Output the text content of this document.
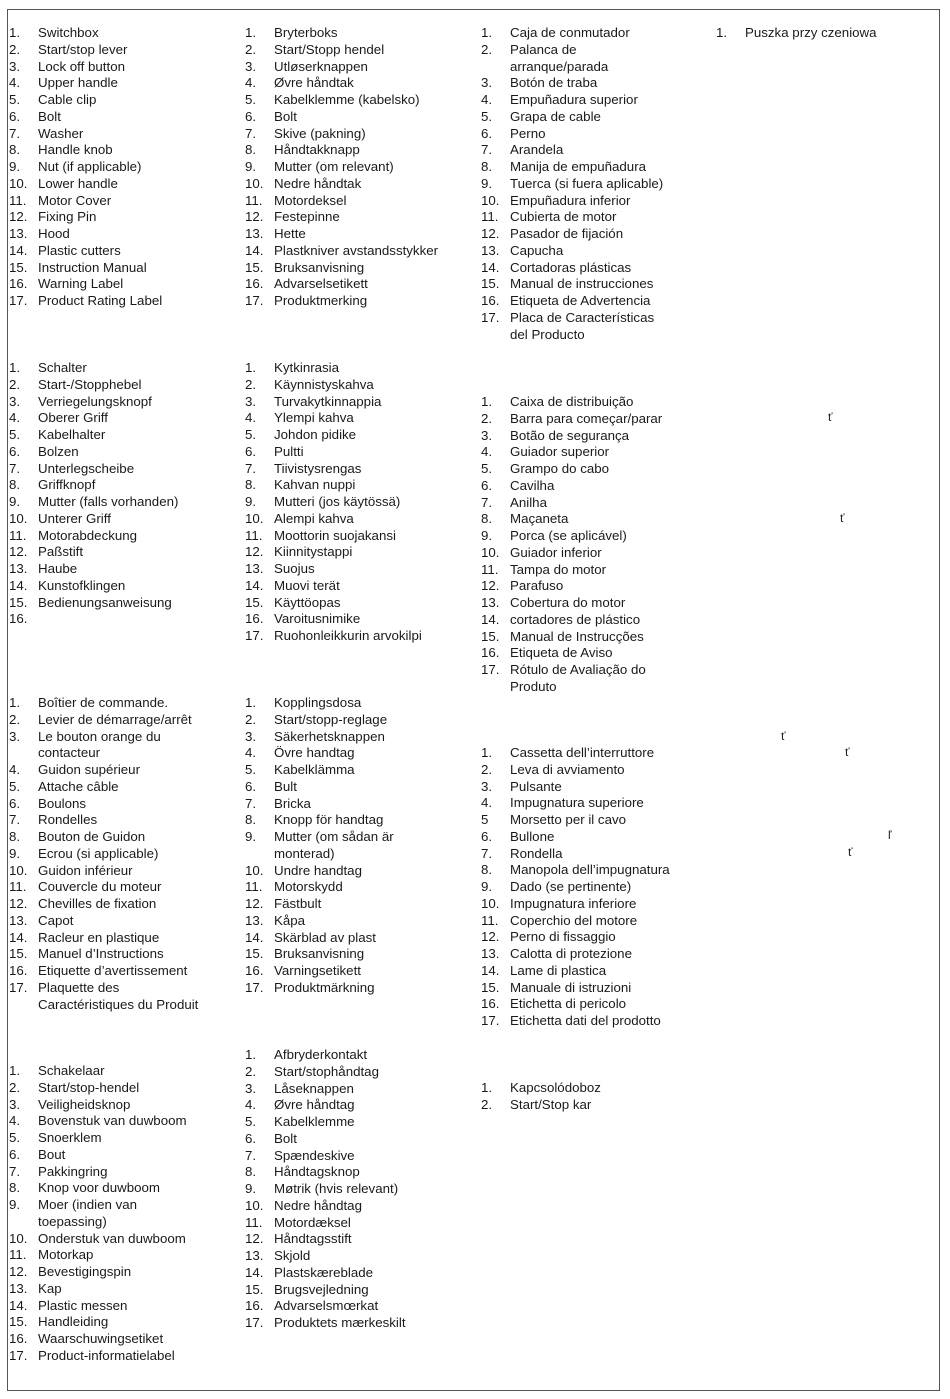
1. Switchbox
2. Start/stop lever
3. Lock off button
4. Upper handle
5. Cable clip
6. Bolt
7. Washer
8. Handle knob
9. Nut (if applicable)
10. Lower handle
11. Motor Cover
12. Fixing Pin
13. Hood
14. Plastic cutters
15. Instruction Manual
16. Warning Label
17. Product Rating Label
1. Bryterboks
2. Start/Stopp hendel
3. Utløserknappen
4. Øvre håndtak
5. Kabelklemme (kabelsko)
6. Bolt
7. Skive (pakning)
8. Håndtakknapp
9. Mutter (om relevant)
10. Nedre håndtak
11. Motordeksel
12. Festepinne
13. Hette
14. Plastkniver avstandsstykker
15. Bruksanvisning
16. Advarselsetikett
17. Produktmerking
1. Caja de conmutador
2. Palanca de
arranque/parada
3. Botón de traba
4. Empuñadura superior
5. Grapa de cable
6. Perno
7. Arandela
8. Manija de empuñadura
9. Tuerca (si fuera aplicable)
10. Empuñadura inferior
11. Cubierta de motor
12. Pasador de fijación
13. Capucha
14. Cortadoras plásticas
15. Manual de instrucciones
16. Etiqueta de Advertencia
17. Placa de Características
del Producto
1. Puszka przy czeniowa
1. Schalter
2. Start-/Stopphebel
3. Verriegelungsknopf
4. Oberer Griff
5. Kabelhalter
6. Bolzen
7. Unterlegscheibe
8. Griffknopf
9. Mutter (falls vorhanden)
10. Unterer Griff
11. Motorabdeckung
12. Paßstift
13. Haube
14. Kunstofklingen
15. Bedienungsanweisung
16.

1. Kytkinrasia
2. Käynnistyskahva
3. Turvakytkinnappia
4. Ylempi kahva
5. Johdon pidike
6. Pultti
7. Tiivistysrengas
8. Kahvan nuppi
9. Mutteri (jos käytössä)
10. Alempi kahva
11. Moottorin suojakansi
12. Kiinnitystappi
13. Suojus
14. Muovi terät
15. Käyttöopas
16. Varoitusnimike
17. Ruohonleikkurin arvokilpi
1. Caixa de distribuição
2. Barra para começar/parar
3. Botão de segurança
4. Guiador superior
5. Grampo do cabo
6. Cavilha
7. Anilha
8. Maçaneta
9. Porca (se aplicável)
10. Guiador inferior
11. Tampa do motor
12. Parafuso
13. Cobertura do motor
14. cortadores de plástico
15. Manual de Instrucções
16. Etiqueta de Aviso
17. Rótulo de Avaliação do
Produto
1. Boîtier de commande.
2. Levier de démarrage/arrêt
3. Le bouton orange du
contacteur
4. Guidon supérieur
5. Attache câble
6. Boulons
7. Rondelles
8. Bouton de Guidon
9. Ecrou (si applicable)
10. Guidon inférieur
11. Couvercle du moteur
12. Chevilles de fixation
13. Capot
14. Racleur en plastique
15. Manuel d’Instructions
16. Etiquette d’avertissement
17. Plaquette des
Caractéristiques du Produit
1. Kopplingsdosa
2. Start/stopp-reglage
3. Säkerhetsknappen
4. Övre handtag
5. Kabelklämma
6. Bult
7. Bricka
8. Knopp för handtag
9. Mutter (om sådan är
monterad)
10. Undre handtag
11. Motorskydd
12. Fästbult
13. Kåpa
14. Skärblad av plast
15. Bruksanvisning
16. Varningsetikett
17. Produktmärkning
1. Cassetta dell’interruttore
2. Leva di avviamento
3. Pulsante
4. Impugnatura superiore
5 Morsetto per il cavo
6. Bullone
7. Rondella
8. Manopola dell’impugnatura
9. Dado (se pertinente)
10. Impugnatura inferiore
11. Coperchio del motore
12. Perno di fissaggio
13. Calotta di protezione
14. Lame di plastica
15. Manuale di istruzioni
16. Etichetta di pericolo
17. Etichetta dati del prodotto
1. Schakelaar
2. Start/stop-hendel
3. Veiligheidsknop
4. Bovenstuk van duwboom
5. Snoerklem
6. Bout
7. Pakkingring
8. Knop voor duwboom
9. Moer (indien van
toepassing)
10. Onderstuk van duwboom
11. Motorkap
12. Bevestigingspin
13. Kap
14. Plastic messen
15. Handleiding
16. Waarschuwingsetiket
17. Product-informatielabel
1. Afbryderkontakt
2. Start/stophåndtag
3. Låseknappen
4. Øvre håndtag
5. Kabelklemme
6. Bolt
7. Spændeskive
8. Håndtagsknop
9. Møtrik (hvis relevant)
10. Nedre håndtag
11. Motordæksel
12. Håndtagsstift
13. Skjold
14. Plastskæreblade
15. Brugsvejledning
16. Advarselsmœrkat
17. Produktets mærkeskilt
1. Kapcsolódoboz
2. Start/Stop kar
ť
ť
ť
ť
ť
ľ
